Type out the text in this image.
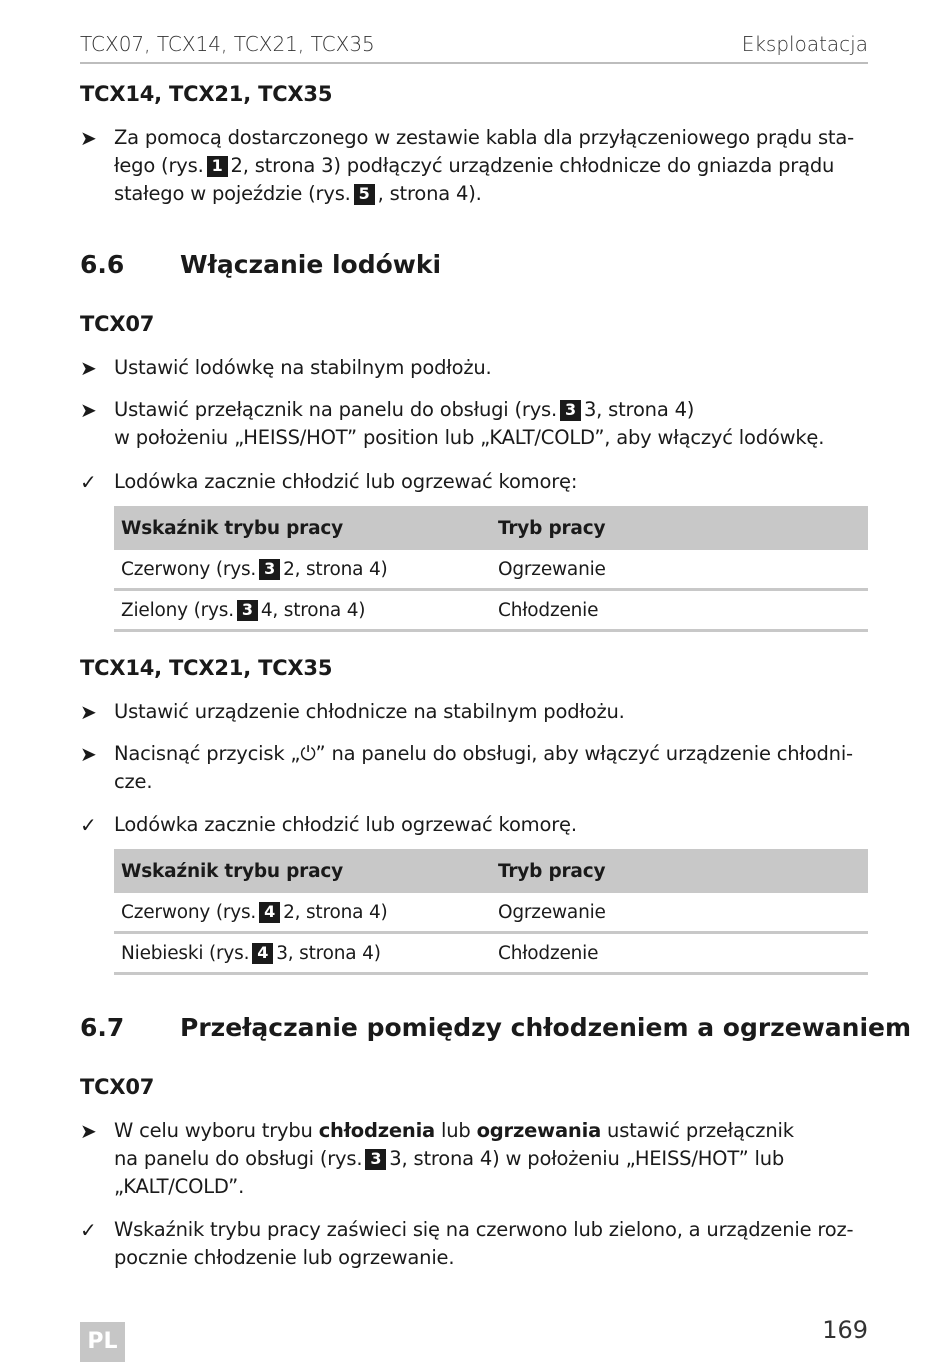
TCX07, TCX14, TCX21, TCX35	Eksploatacja
TCX14, TCX21, TCX35
➤ Za pomocą dostarczonego w zestawie kabla dla przyłączeniowego prądu sta-
łego (rys. 1 2, strona 3) podłączyć urządzenie chłodnicze do gniazda prądu
stałego w pojeździe (rys. 5 , strona 4).
6.6 Włączanie lodówki
TCX07
➤ Ustawić lodówkę na stabilnym podłożu.
➤ Ustawić przełącznik na panelu do obsługi (rys. 3 3, strona 4)
w położeniu „HEISS/HOT” position lub „KALT/COLD”, aby włączyć lodówkę.
✓ Lodówka zacznie chłodzić lub ogrzewać komorę:
Wskaźnik trybu pracy	Tryb pracy
Czerwony (rys. 3 2, strona 4)	Ogrzewanie
Zielony (rys. 3 4, strona 4)	Chłodzenie
TCX14, TCX21, TCX35
➤ Ustawić urządzenie chłodnicze na stabilnym podłożu.
➤ Nacisnąć przycisk „⏻” na panelu do obsługi, aby włączyć urządzenie chłodni-
cze.
✓ Lodówka zacznie chłodzić lub ogrzewać komorę.
Wskaźnik trybu pracy	Tryb pracy
Czerwony (rys. 4 2, strona 4)	Ogrzewanie
Niebieski (rys. 4 3, strona 4)	Chłodzenie
6.7 Przełączanie pomiędzy chłodzeniem a ogrzewaniem
TCX07
➤ W celu wyboru trybu chłodzenia lub ogrzewania ustawić przełącznik
na panelu do obsługi (rys. 3 3, strona 4) w położeniu „HEISS/HOT” lub
„KALT/COLD”.
✓ Wskaźnik trybu pracy zaświeci się na czerwono lub zielono, a urządzenie roz-
pocznie chłodzenie lub ogrzewanie.
PL	169
